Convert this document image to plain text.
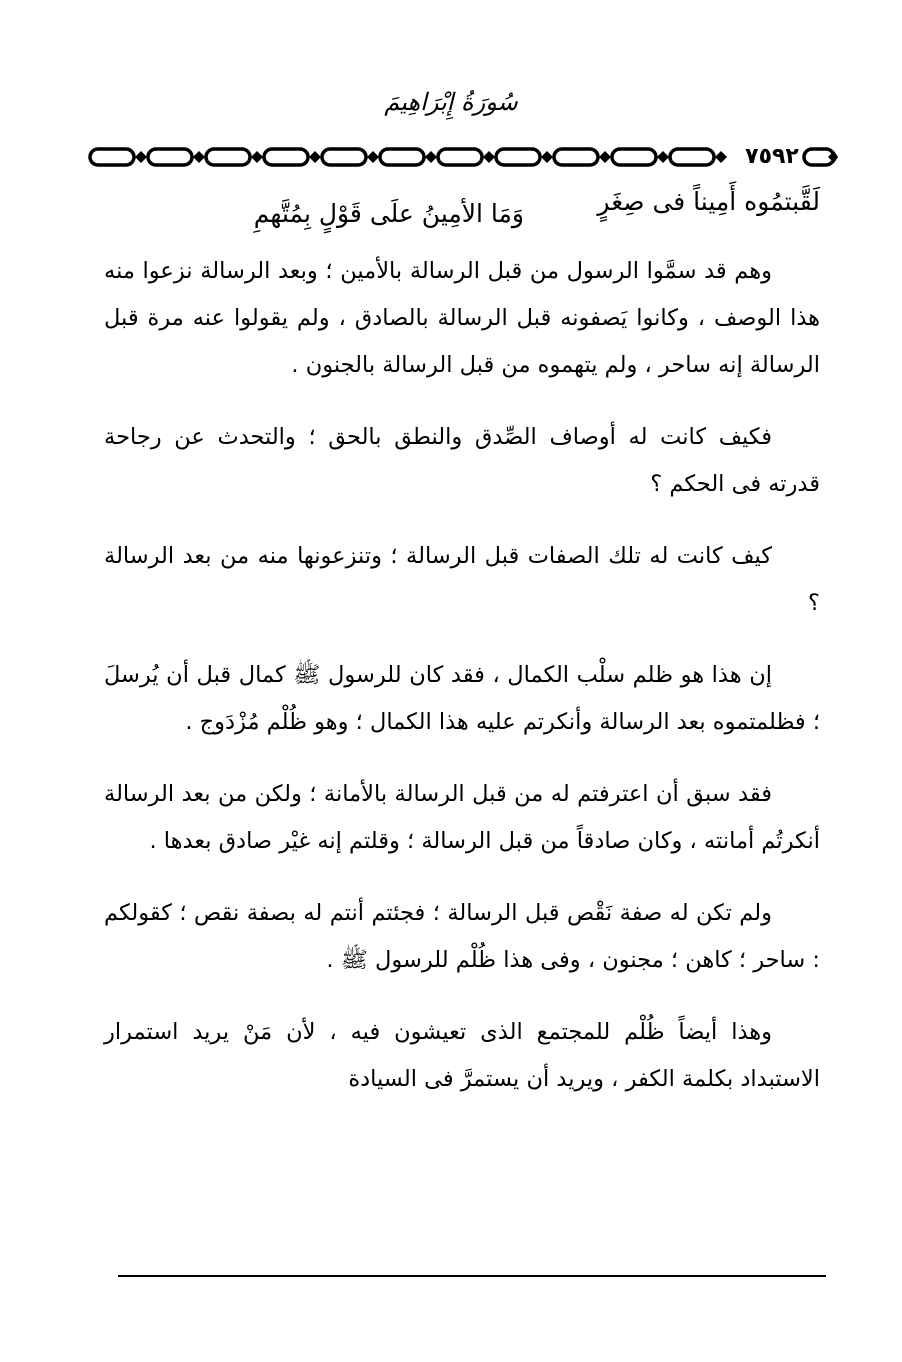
سُورَةُ إِبْرَاهِيمَ
٧٥٩٢
لَقَّبتمُوه أَمِيناً فى صِغَرٍ
وَمَا الأمِينُ علَى قَوْلٍ بِمُتَّهمِ

وهم قد سمَّوا الرسول من قبل الرسالة بالأمين ؛ وبعد الرسالة نزعوا منه هذا الوصف ، وكانوا يَصفونه قبل الرسالة بالصادق ، ولم يقولوا عنه مرة قبل الرسالة إنه ساحر ، ولم يتهموه من قبل الرسالة بالجنون .

فكيف كانت له أوصاف الصِّدق والنطق بالحق ؛ والتحدث عن رجاحة قدرته فى الحكم ؟

كيف كانت له تلك الصفات قبل الرسالة ؛ وتنزعونها منه من بعد الرسالة ؟

إن هذا هو ظلم سلْب الكمال ، فقد كان للرسول ﷺ كمال قبل أن يُرسلَ ؛ فظلمتموه بعد الرسالة وأنكرتم عليه هذا الكمال ؛ وهو ظُلْم مُزْدَوج .

فقد سبق أن اعترفتم له من قبل الرسالة بالأمانة ؛ ولكن من بعد الرسالة أنكرتُم أمانته ، وكان صادقاً من قبل الرسالة ؛ وقلتم إنه غيْر صادق بعدها .

ولم تكن له صفة نَقْص قبل الرسالة ؛ فجئتم أنتم له بصفة نقص ؛ كقولكم : ساحر ؛ كاهن ؛ مجنون ، وفى هذا ظُلْم للرسول ﷺ .

وهذا أيضاً ظُلْم للمجتمع الذى تعيشون فيه ، لأن مَنْ يريد استمرار الاستبداد بكلمة الكفر ، ويريد أن يستمرَّ فى السيادة
